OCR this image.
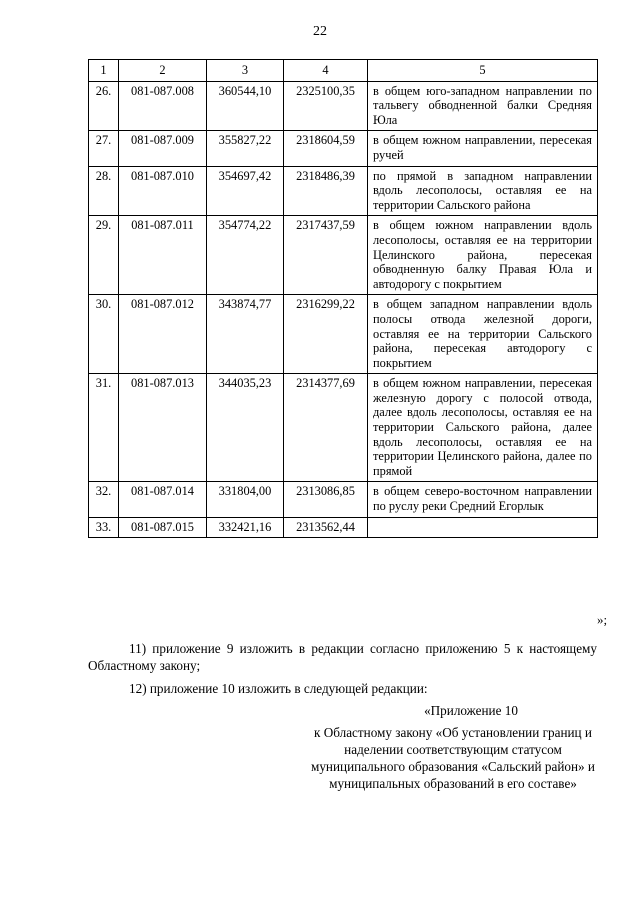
22
1	2	3	4	5
26.	081-087.008	360544,10	2325100,35	в общем юго-западном направлении по тальвегу обводненной балки Средняя Юла
27.	081-087.009	355827,22	2318604,59	в общем южном направлении, пересекая ручей
28.	081-087.010	354697,42	2318486,39	по прямой в западном направлении вдоль лесополосы, оставляя ее на территории Сальского района
29.	081-087.011	354774,22	2317437,59	в общем южном направлении вдоль лесополосы, оставляя ее на территории Целинского района, пересекая обводненную балку Правая Юла и автодорогу с покрытием
30.	081-087.012	343874,77	2316299,22	в общем западном направлении вдоль полосы отвода железной дороги, оставляя ее на территории Сальского района, пересекая автодорогу с покрытием
31.	081-087.013	344035,23	2314377,69	в общем южном направлении, пересекая железную дорогу с полосой отвода, далее вдоль лесополосы, оставляя ее на территории Сальского района, далее вдоль лесополосы, оставляя ее на территории Целинского района, далее по прямой
32.	081-087.014	331804,00	2313086,85	в общем северо-восточном направлении по руслу реки Средний Егорлык
33.	081-087.015	332421,16	2313562,44	
»;
11) приложение 9 изложить в редакции согласно приложению 5 к настоящему Областному закону;
12) приложение 10 изложить в следующей редакции:
«Приложение 10
к Областному закону «Об установлении границ и наделении соответствующим статусом муниципального образования «Сальский район» и муниципальных образований в его составе»
